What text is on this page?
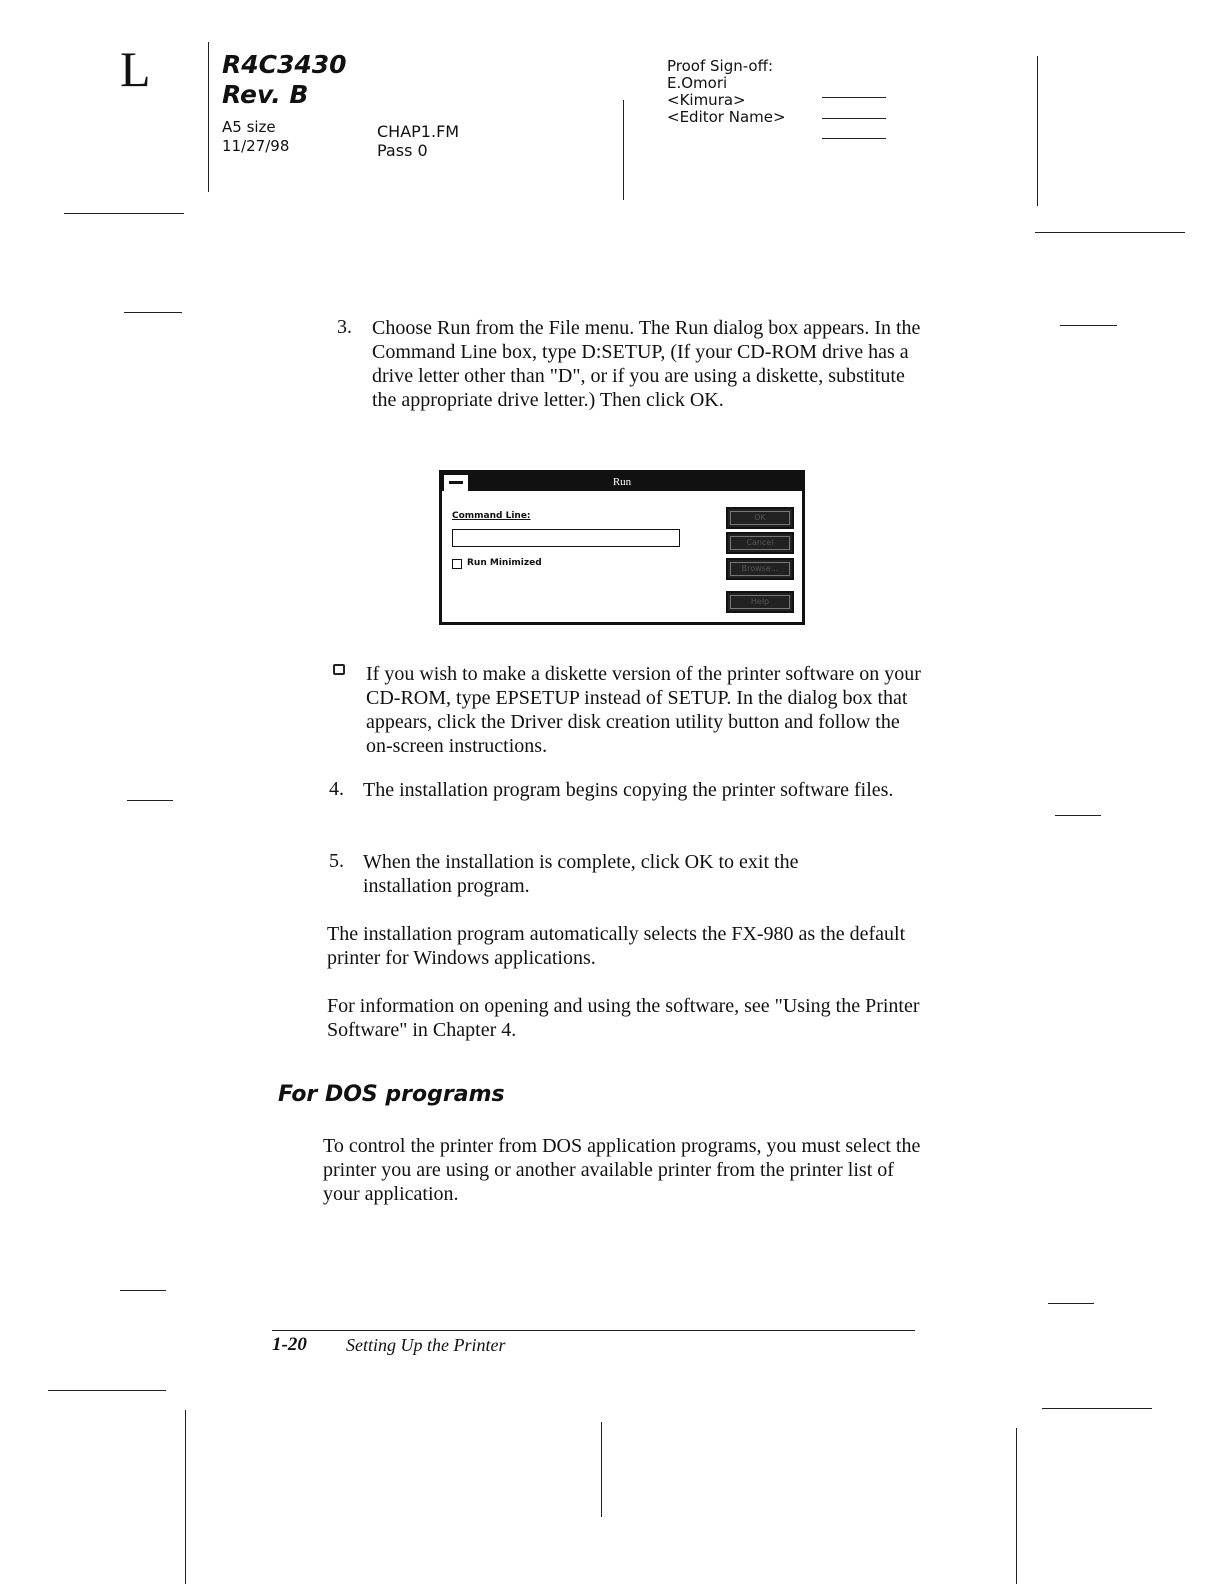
L	R4C3430
Rev. B
A5 size
11/27/98
CHAP1.FM
Pass 0
Proof Sign-off:
E.Omori
<Kimura>
<Editor Name>
3. Choose Run from the File menu. The Run dialog box appears. In the Command Line box, type D:SETUP, (If your CD-ROM drive has a drive letter other than "D", or if you are using a diskette, substitute the appropriate drive letter.) Then click OK.
Run
Command Line:
Run Minimized
OK
Cancel
Browse...
Help
If you wish to make a diskette version of the printer software on your CD-ROM, type EPSETUP instead of SETUP. In the dialog box that appears, click the Driver disk creation utility button and follow the on-screen instructions.
4. The installation program begins copying the printer software files.
5. When the installation is complete, click OK to exit the installation program.
The installation program automatically selects the FX-980 as the default printer for Windows applications.
For information on opening and using the software, see "Using the Printer Software" in Chapter 4.
For DOS programs
To control the printer from DOS application programs, you must select the printer you are using or another available printer from the printer list of your application.
1-20 Setting Up the Printer
